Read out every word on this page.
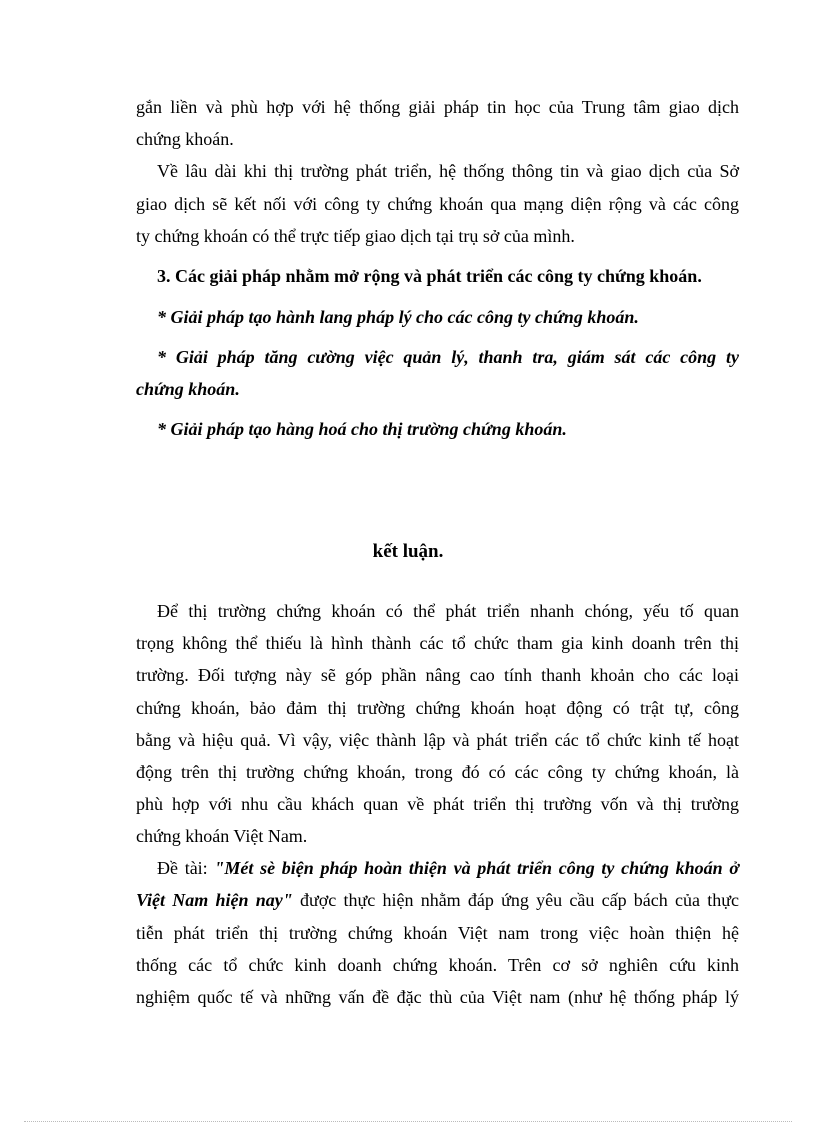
gắn liền và phù hợp với hệ thống giải pháp tin học của Trung tâm giao dịch
chứng khoán.
Về lâu dài khi thị trường phát triển, hệ thống thông tin và giao dịch của Sở
giao dịch sẽ kết nối với công ty chứng khoán qua mạng diện rộng và các công
ty chứng khoán có thể trực tiếp giao dịch tại trụ sở của mình.
3. Các giải pháp nhằm mở rộng và phát triển các công ty chứng khoán.
* Giải pháp tạo hành lang pháp lý cho các công ty chứng khoán.
* Giải pháp tăng cường việc quản lý, thanh tra, giám sát các công ty
chứng khoán.
* Giải pháp tạo hàng hoá cho thị trường chứng khoán.
kết luận.
Để thị trường chứng khoán có thể phát triển nhanh chóng, yếu tố quan
trọng không thể thiếu là hình thành các tổ chức tham gia kinh doanh trên thị
trường. Đối tượng này sẽ góp phần nâng cao tính thanh khoản cho các loại
chứng khoán, bảo đảm thị trường chứng khoán hoạt động có trật tự, công
bằng và hiệu quả. Vì vậy, việc thành lập và phát triển các tổ chức kinh tế hoạt
động trên thị trường chứng khoán, trong đó có các công ty chứng khoán, là
phù hợp với nhu cầu khách quan về phát triển thị trường vốn và thị trường
chứng khoán Việt Nam.
Đề tài: "Mét sè biện pháp hoàn thiện và phát triển công ty chứng khoán ở
Việt Nam hiện nay" được thực hiện nhằm đáp ứng yêu cầu cấp bách của thực
tiễn phát triển thị trường chứng khoán Việt nam trong việc hoàn thiện hệ
thống các tổ chức kinh doanh chứng khoán. Trên cơ sở nghiên cứu kinh
nghiệm quốc tế và những vấn đề đặc thù của Việt nam (như hệ thống pháp lý
